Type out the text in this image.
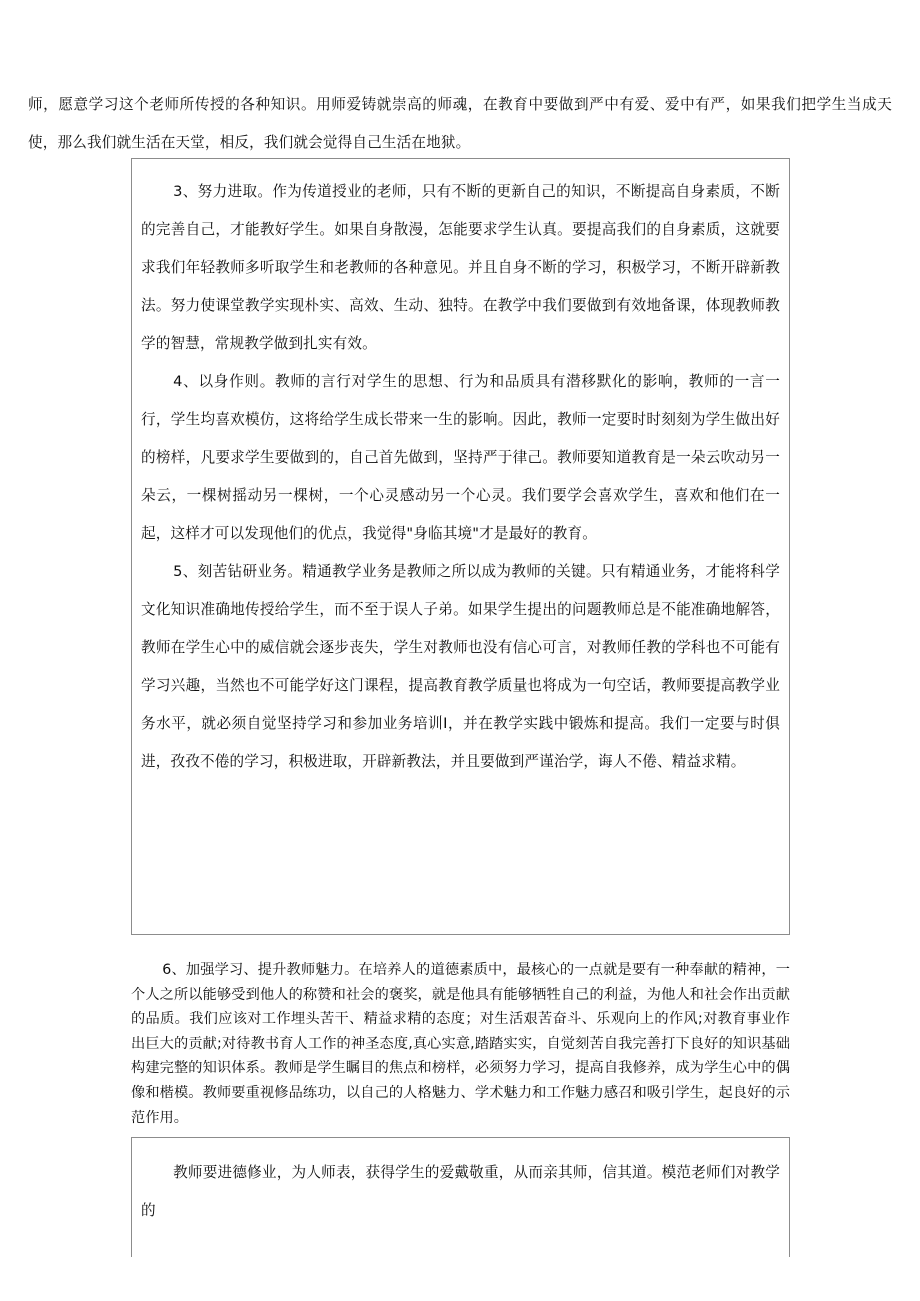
师，愿意学习这个老师所传授的各种知识。用师爱铸就崇高的师魂，在教育中要做到严中有爱、爱中有严，如果我们把学生当成天使，那么我们就生活在天堂，相反，我们就会觉得自己生活在地狱。

3、努力进取。作为传道授业的老师，只有不断的更新自己的知识，不断提高自身素质，不断的完善自己，才能教好学生。如果自身散漫，怎能要求学生认真。要提高我们的自身素质，这就要求我们年轻教师多听取学生和老教师的各种意见。并且自身不断的学习，积极学习，不断开辟新教法。努力使课堂教学实现朴实、高效、生动、独特。在教学中我们要做到有效地备课，体现教师教学的智慧，常规教学做到扎实有效。

4、以身作则。教师的言行对学生的思想、行为和品质具有潜移默化的影响，教师的一言一行，学生均喜欢模仿，这将给学生成长带来一生的影响。因此，教师一定要时时刻刻为学生做出好的榜样，凡要求学生要做到的，自己首先做到，坚持严于律己。教师要知道教育是一朵云吹动另一朵云，一棵树摇动另一棵树，一个心灵感动另一个心灵。我们要学会喜欢学生，喜欢和他们在一起，这样才可以发现他们的优点，我觉得"身临其境"才是最好的教育。

5、刻苦钻研业务。精通教学业务是教师之所以成为教师的关键。只有精通业务，才能将科学文化知识准确地传授给学生，而不至于误人子弟。如果学生提出的问题教师总是不能准确地解答，教师在学生心中的威信就会逐步丧失，学生对教师也没有信心可言，对教师任教的学科也不可能有学习兴趣，当然也不可能学好这门课程，提高教育教学质量也将成为一句空话，教师要提高教学业务水平，就必须自觉坚持学习和参加业务培训I，并在教学实践中锻炼和提高。我们一定要与时俱进，孜孜不倦的学习，积极进取，开辟新教法，并且要做到严谨治学，诲人不倦、精益求精。

6、加强学习、提升教师魅力。在培养人的道德素质中，最核心的一点就是要有一种奉献的精神，一个人之所以能够受到他人的称赞和社会的褒奖，就是他具有能够牺牲自己的利益，为他人和社会作出贡献的品质。我们应该对工作埋头苦干、精益求精的态度；对生活艰苦奋斗、乐观向上的作风;对教育事业作出巨大的贡献;对待教书育人工作的神圣态度,真心实意,踏踏实实，自觉刻苦自我完善打下良好的知识基础构建完整的知识体系。教师是学生瞩目的焦点和榜样，必须努力学习，提高自我修养，成为学生心中的偶像和楷模。教师要重视修品练功，以自己的人格魅力、学术魅力和工作魅力感召和吸引学生，起良好的示范作用。

教师要进德修业，为人师表，获得学生的爱戴敬重，从而亲其师，信其道。模范老师们对教学的
